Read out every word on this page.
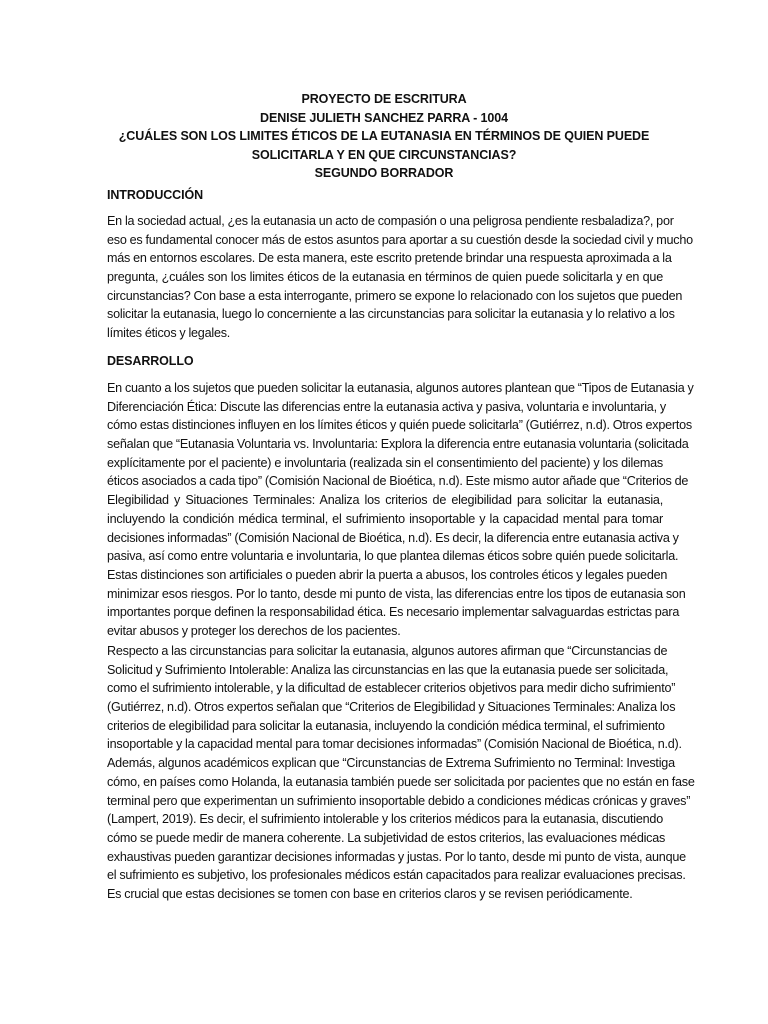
PROYECTO DE ESCRITURA
DENISE JULIETH SANCHEZ PARRA - 1004
¿CUÁLES SON LOS LIMITES ÉTICOS DE LA EUTANASIA EN TÉRMINOS DE QUIEN PUEDE
SOLICITARLA Y EN QUE CIRCUNSTANCIAS?
SEGUNDO BORRADOR
INTRODUCCIÓN
En la sociedad actual, ¿es la eutanasia un acto de compasión o una peligrosa pendiente resbaladiza?, por
eso es fundamental conocer más de estos asuntos para aportar a su cuestión desde la sociedad civil y mucho
más en entornos escolares. De esta manera, este escrito pretende brindar una respuesta aproximada a la
pregunta, ¿cuáles son los limites éticos de la eutanasia en términos de quien puede solicitarla y en que
circunstancias? Con base a esta interrogante, primero se expone lo relacionado con los sujetos que pueden
solicitar la eutanasia, luego lo concerniente a las circunstancias para solicitar la eutanasia y lo relativo a los
límites éticos y legales.
DESARROLLO
En cuanto a los sujetos que pueden solicitar la eutanasia, algunos autores plantean que “Tipos de Eutanasia y
Diferenciación Ética: Discute las diferencias entre la eutanasia activa y pasiva, voluntaria e involuntaria, y
cómo estas distinciones influyen en los límites éticos y quién puede solicitarla” (Gutiérrez, n.d). Otros expertos
señalan que “Eutanasia Voluntaria vs. Involuntaria: Explora la diferencia entre eutanasia voluntaria (solicitada
explícitamente por el paciente) e involuntaria (realizada sin el consentimiento del paciente) y los dilemas
éticos asociados a cada tipo” (Comisión Nacional de Bioética, n.d). Este mismo autor añade que “Criterios de
Elegibilidad y Situaciones Terminales: Analiza los criterios de elegibilidad para solicitar la eutanasia,
incluyendo la condición médica terminal, el sufrimiento insoportable y la capacidad mental para tomar
decisiones informadas” (Comisión Nacional de Bioética, n.d). Es decir, la diferencia entre eutanasia activa y
pasiva, así como entre voluntaria e involuntaria, lo que plantea dilemas éticos sobre quién puede solicitarla.
Estas distinciones son artificiales o pueden abrir la puerta a abusos, los controles éticos y legales pueden
minimizar esos riesgos. Por lo tanto, desde mi punto de vista, las diferencias entre los tipos de eutanasia son
importantes porque definen la responsabilidad ética. Es necesario implementar salvaguardas estrictas para
evitar abusos y proteger los derechos de los pacientes.
Respecto a las circunstancias para solicitar la eutanasia, algunos autores afirman que “Circunstancias de
Solicitud y Sufrimiento Intolerable: Analiza las circunstancias en las que la eutanasia puede ser solicitada,
como el sufrimiento intolerable, y la dificultad de establecer criterios objetivos para medir dicho sufrimiento”
(Gutiérrez, n.d). Otros expertos señalan que “Criterios de Elegibilidad y Situaciones Terminales: Analiza los
criterios de elegibilidad para solicitar la eutanasia, incluyendo la condición médica terminal, el sufrimiento
insoportable y la capacidad mental para tomar decisiones informadas” (Comisión Nacional de Bioética, n.d).
Además, algunos académicos explican que “Circunstancias de Extrema Sufrimiento no Terminal: Investiga
cómo, en países como Holanda, la eutanasia también puede ser solicitada por pacientes que no están en fase
terminal pero que experimentan un sufrimiento insoportable debido a condiciones médicas crónicas y graves”
(Lampert, 2019). Es decir, el sufrimiento intolerable y los criterios médicos para la eutanasia, discutiendo
cómo se puede medir de manera coherente. La subjetividad de estos criterios, las evaluaciones médicas
exhaustivas pueden garantizar decisiones informadas y justas. Por lo tanto, desde mi punto de vista, aunque
el sufrimiento es subjetivo, los profesionales médicos están capacitados para realizar evaluaciones precisas.
Es crucial que estas decisiones se tomen con base en criterios claros y se revisen periódicamente.
